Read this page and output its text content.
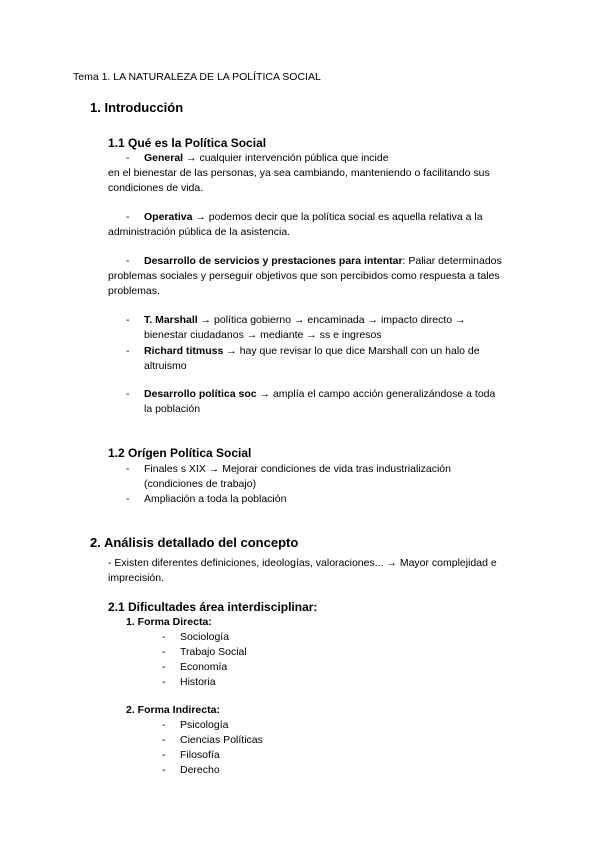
Tema 1. LA NATURALEZA DE LA POLÍTICA SOCIAL
1. Introducción
1.1 Qué es la Política Social
- General → cualquier intervención pública que incide
en el bienestar de las personas, ya sea cambiando, manteniendo o facilitando sus
condiciones de vida.
- Operativa → podemos decir que la política social es aquella relativa a la
administración pública de la asistencia.
- Desarrollo de servicios y prestaciones para intentar: Paliar determinados
problemas sociales y perseguir objetivos que son percibidos como respuesta a tales
problemas.
- T. Marshall → política gobierno → encaminada → impacto directo →
bienestar ciudadanos → mediante → ss e ingresos
- Richard titmuss → hay que revisar lo que dice Marshall con un halo de
altruismo
- Desarrollo política soc → amplía el campo acción generalizándose a toda
la población
1.2 Orígen Política Social
- Finales s XIX → Mejorar condiciones de vida tras industrialización
(condiciones de trabajo)
- Ampliación a toda la población
2. Análisis detallado del concepto
- Existen diferentes definiciones, ideologías, valoraciones... → Mayor complejidad e
imprecisión.
2.1 Dificultades área interdisciplinar:
1. Forma Directa:
- Sociología
- Trabajo Social
- Economía
- Historia
2. Forma Indirecta:
- Psicología
- Ciencias Políticas
- Filosofía
- Derecho
